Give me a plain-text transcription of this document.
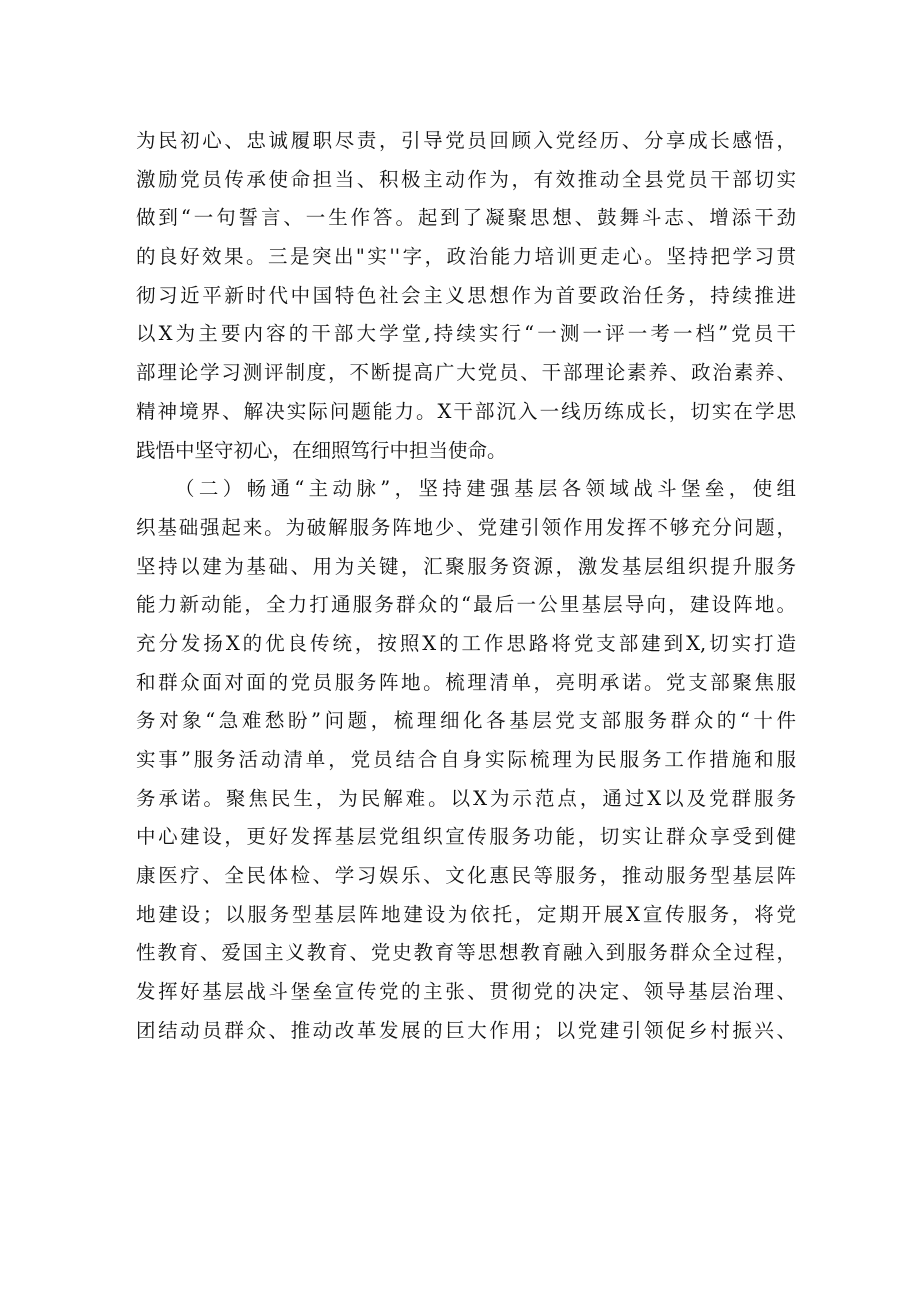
为民初心、忠诚履职尽责，引导党员回顾入党经历、分享成长感悟，
激励党员传承使命担当、积极主动作为，有效推动全县党员干部切实
做到“一句誓言、一生作答。起到了凝聚思想、鼓舞斗志、增添干劲
的良好效果。三是突出"实''字，政治能力培训更走心。坚持把学习贯
彻习近平新时代中国特色社会主义思想作为首要政治任务，持续推进
以X为主要内容的干部大学堂,持续实行“一测一评一考一档”党员干
部理论学习测评制度，不断提高广大党员、干部理论素养、政治素养、
精神境界、解决实际问题能力。X干部沉入一线历练成长，切实在学思
践悟中坚守初心，在细照笃行中担当使命。
（二）畅通“主动脉”，坚持建强基层各领域战斗堡垒，使组
织基础强起来。为破解服务阵地少、党建引领作用发挥不够充分问题，
坚持以建为基础、用为关键，汇聚服务资源，激发基层组织提升服务
能力新动能，全力打通服务群众的“最后一公里基层导向，建设阵地。
充分发扬X的优良传统，按照X的工作思路将党支部建到X,切实打造
和群众面对面的党员服务阵地。梳理清单，亮明承诺。党支部聚焦服
务对象“急难愁盼”问题，梳理细化各基层党支部服务群众的“十件
实事”服务活动清单，党员结合自身实际梳理为民服务工作措施和服
务承诺。聚焦民生，为民解难。以X为示范点，通过X以及党群服务
中心建设，更好发挥基层党组织宣传服务功能，切实让群众享受到健
康医疗、全民体检、学习娱乐、文化惠民等服务，推动服务型基层阵
地建设；以服务型基层阵地建设为依托，定期开展X宣传服务，将党
性教育、爱国主义教育、党史教育等思想教育融入到服务群众全过程，
发挥好基层战斗堡垒宣传党的主张、贯彻党的决定、领导基层治理、
团结动员群众、推动改革发展的巨大作用；以党建引领促乡村振兴、
